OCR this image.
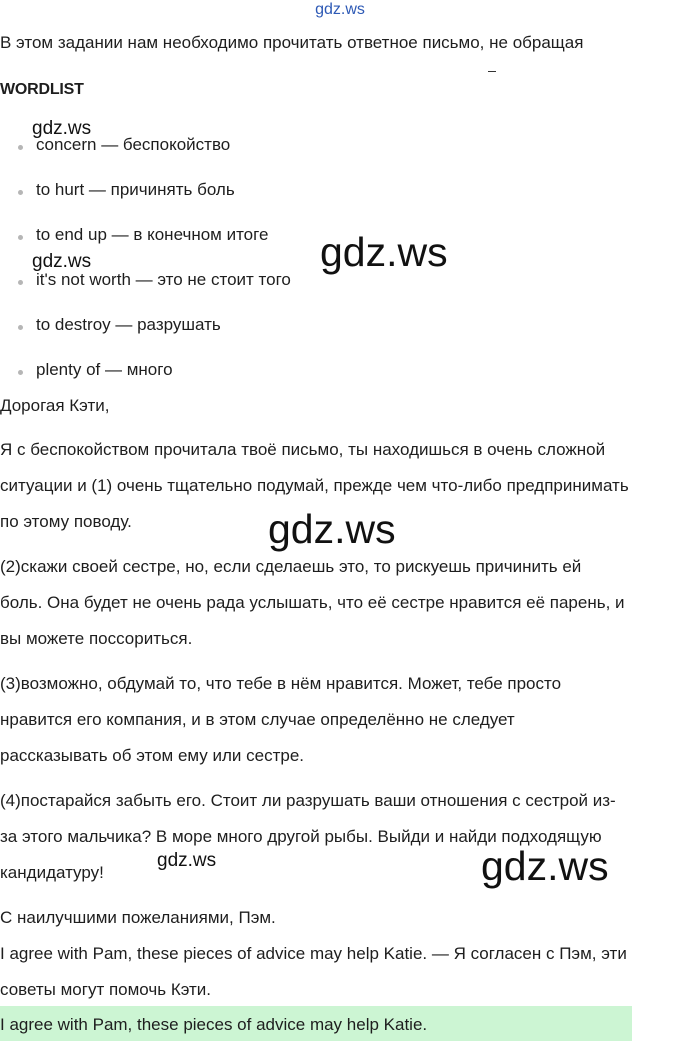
gdz.ws
В этом задании нам необходимо прочитать ответное письмо, не обращая
WORDLIST
concern — беспокойство
to hurt — причинять боль
to end up — в конечном итоге
it's not worth — это не стоит того
to destroy — разрушать
plenty of — много
Дорогая Кэти,
Я с беспокойством прочитала твоё письмо, ты находишься в очень сложной
ситуации и (1) очень тщательно подумай, прежде чем что-либо предпринимать
по этому поводу.
(2)скажи своей сестре, но, если сделаешь это, то рискуешь причинить ей
боль. Она будет не очень рада услышать, что её сестре нравится её парень, и
вы можете поссориться.
(3)возможно, обдумай то, что тебе в нём нравится. Может, тебе просто
нравится его компания, и в этом случае определённо не следует
рассказывать об этом ему или сестре.
(4)постарайся забыть его. Стоит ли разрушать ваши отношения с сестрой из-
за этого мальчика? В море много другой рыбы. Выйди и найди подходящую
кандидатуру!
С наилучшими пожеланиями, Пэм.
I agree with Pam, these pieces of advice may help Katie. — Я согласен с Пэм, эти
советы могут помочь Кэти.
I agree with Pam, these pieces of advice may help Katie.
gdz.ws
gdz.ws	gdz.ws
gdz.ws
gdz.ws	gdz.ws
